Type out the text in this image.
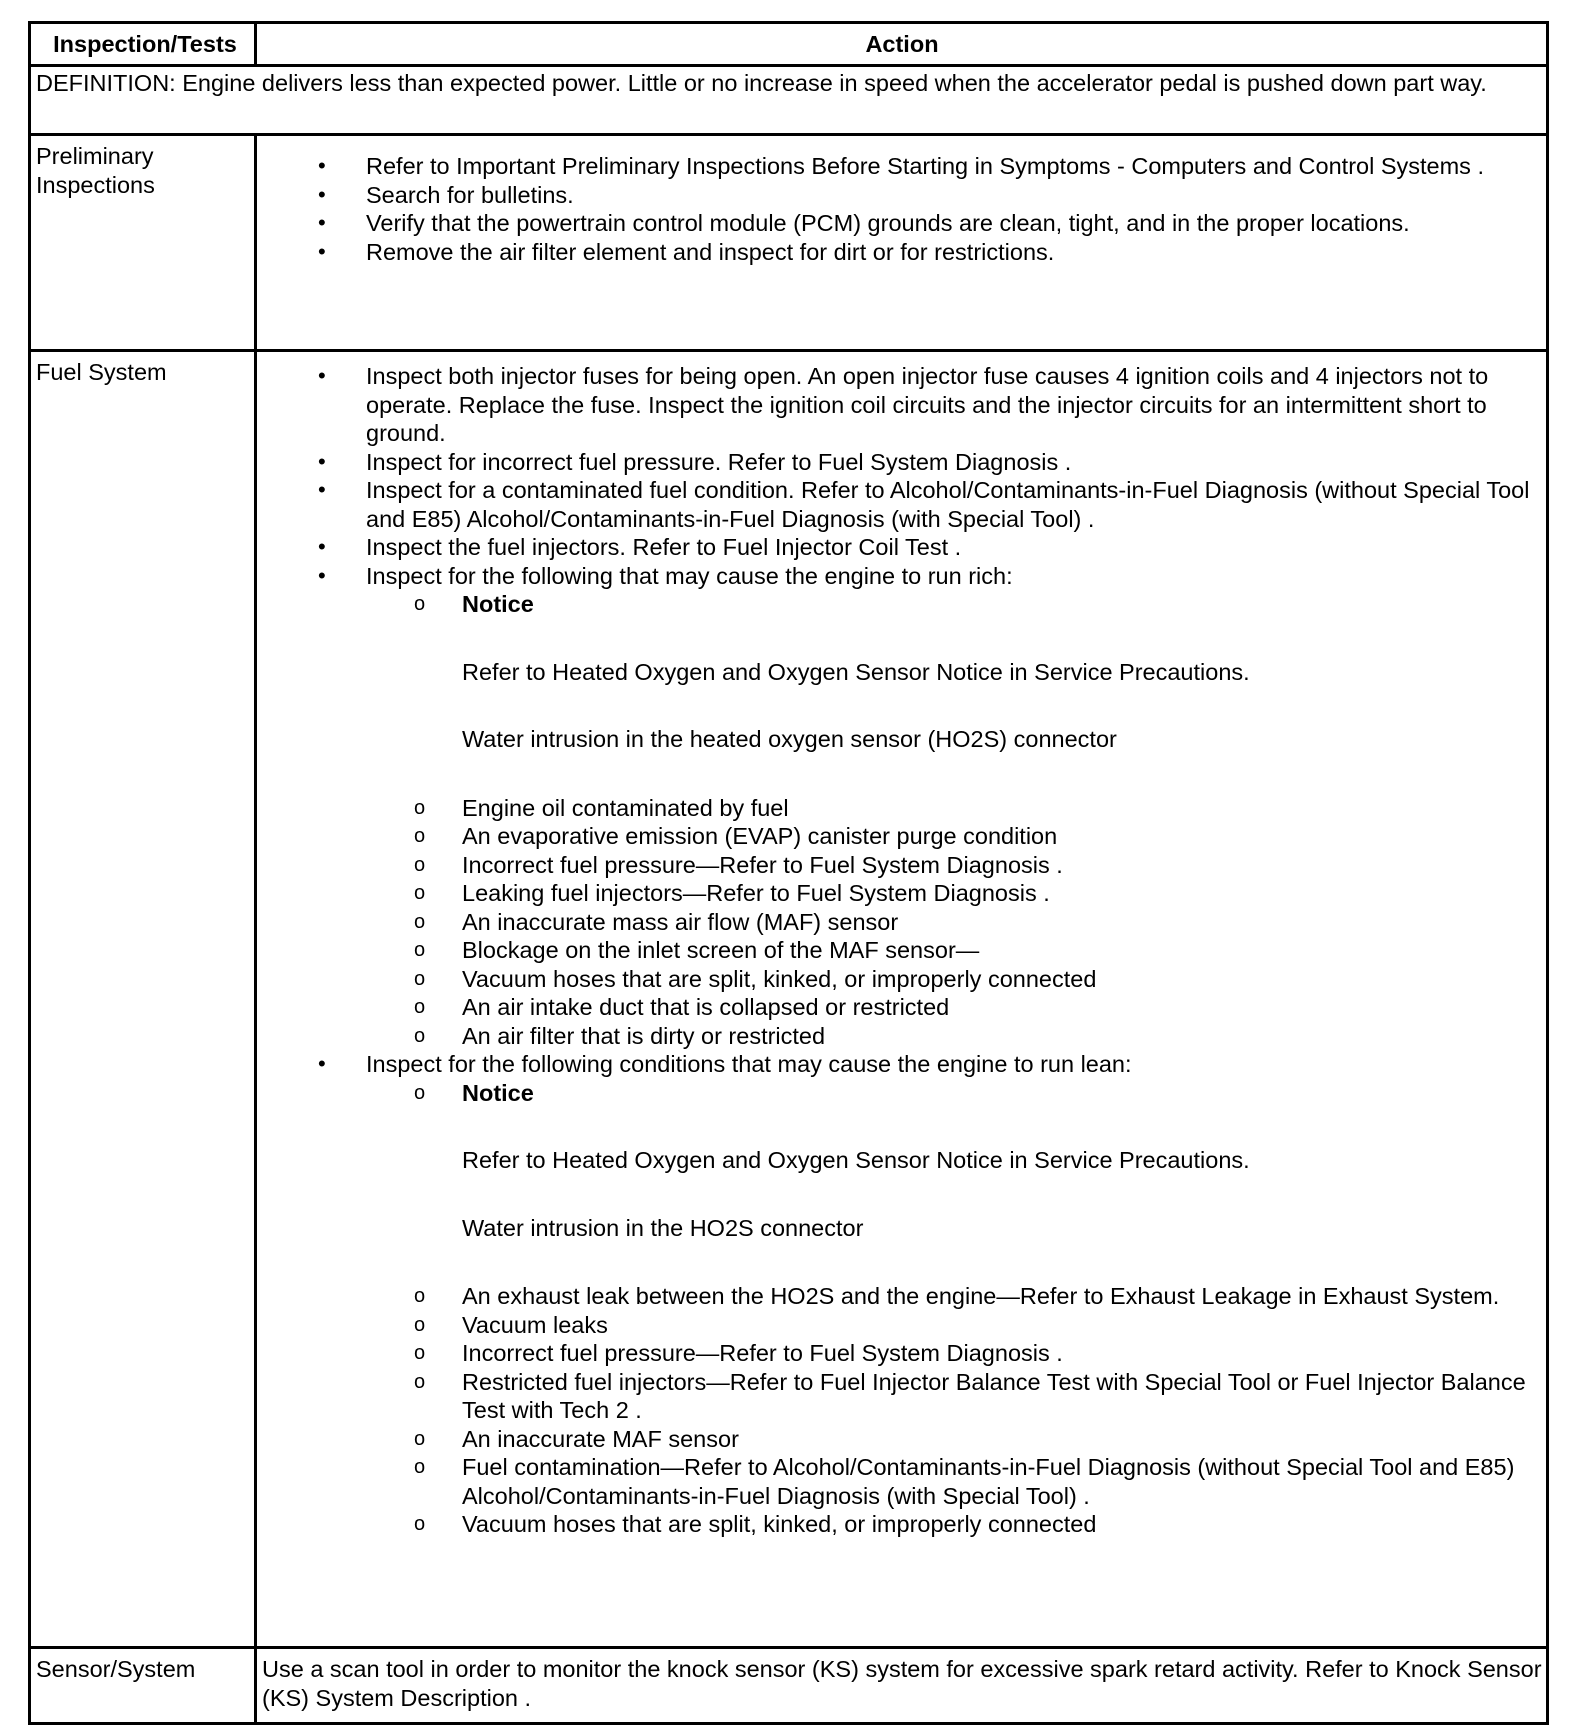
Inspection/Tests	Action
DEFINITION: Engine delivers less than expected power. Little or no increase in speed when the accelerator pedal is pushed down part way.
Preliminary Inspections
• Refer to Important Preliminary Inspections Before Starting in Symptoms - Computers and Control Systems .
• Search for bulletins.
• Verify that the powertrain control module (PCM) grounds are clean, tight, and in the proper locations.
• Remove the air filter element and inspect for dirt or for restrictions.
Fuel System
•	Inspect both injector fuses for being open. An open injector fuse causes 4 ignition coils and 4 injectors not to operate. Replace the fuse. Inspect the ignition coil circuits and the injector circuits for an intermittent short to ground.
• Inspect for incorrect fuel pressure. Refer to Fuel System Diagnosis .
• Inspect for a contaminated fuel condition. Refer to Alcohol/Contaminants-in-Fuel Diagnosis (without Special Tool and E85) Alcohol/Contaminants-in-Fuel Diagnosis (with Special Tool) .
• Inspect the fuel injectors. Refer to Fuel Injector Coil Test .
• Inspect for the following that may cause the engine to run rich:
o Notice
Refer to Heated Oxygen and Oxygen Sensor Notice in Service Precautions.
Water intrusion in the heated oxygen sensor (HO2S) connector
o Engine oil contaminated by fuel
o An evaporative emission (EVAP) canister purge condition
o Incorrect fuel pressure—Refer to Fuel System Diagnosis .
o Leaking fuel injectors—Refer to Fuel System Diagnosis .
o An inaccurate mass air flow (MAF) sensor
o Blockage on the inlet screen of the MAF sensor—
o Vacuum hoses that are split, kinked, or improperly connected
o An air intake duct that is collapsed or restricted
o An air filter that is dirty or restricted
• Inspect for the following conditions that may cause the engine to run lean:
o Notice
Refer to Heated Oxygen and Oxygen Sensor Notice in Service Precautions.
Water intrusion in the HO2S connector
o An exhaust leak between the HO2S and the engine—Refer to Exhaust Leakage in Exhaust System.
o Vacuum leaks
o Incorrect fuel pressure—Refer to Fuel System Diagnosis .
o Restricted fuel injectors—Refer to Fuel Injector Balance Test with Special Tool or Fuel Injector Balance Test with Tech 2 .
o An inaccurate MAF sensor
o Fuel contamination—Refer to Alcohol/Contaminants-in-Fuel Diagnosis (without Special Tool and E85) Alcohol/Contaminants-in-Fuel Diagnosis (with Special Tool) .
o Vacuum hoses that are split, kinked, or improperly connected
Sensor/System	Use a scan tool in order to monitor the knock sensor (KS) system for excessive spark retard activity. Refer to Knock Sensor (KS) System Description .
